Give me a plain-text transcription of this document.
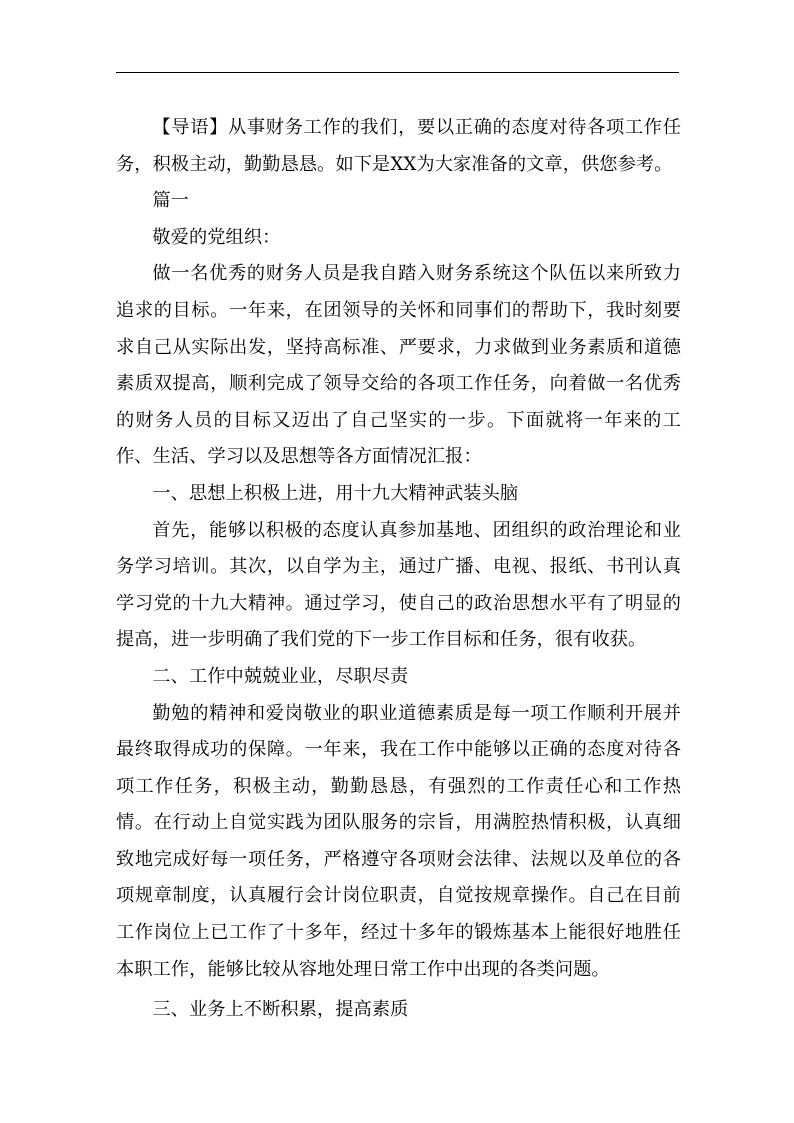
【导语】从事财务工作的我们，要以正确的态度对待各项工作任务，积极主动，勤勤恳恳。如下是XX为大家准备的文章，供您参考。

篇一

敬爱的党组织：

做一名优秀的财务人员是我自踏入财务系统这个队伍以来所致力追求的目标。一年来，在团领导的关怀和同事们的帮助下，我时刻要求自己从实际出发，坚持高标准、严要求，力求做到业务素质和道德素质双提高，顺利完成了领导交给的各项工作任务，向着做一名优秀的财务人员的目标又迈出了自己坚实的一步。下面就将一年来的工作、生活、学习以及思想等各方面情况汇报：

一、思想上积极上进，用十九大精神武装头脑

首先，能够以积极的态度认真参加基地、团组织的政治理论和业务学习培训。其次，以自学为主，通过广播、电视、报纸、书刊认真学习党的十九大精神。通过学习，使自己的政治思想水平有了明显的提高，进一步明确了我们党的下一步工作目标和任务，很有收获。

二、工作中兢兢业业，尽职尽责

勤勉的精神和爱岗敬业的职业道德素质是每一项工作顺利开展并最终取得成功的保障。一年来，我在工作中能够以正确的态度对待各项工作任务，积极主动，勤勤恳恳，有强烈的工作责任心和工作热情。在行动上自觉实践为团队服务的宗旨，用满腔热情积极，认真细致地完成好每一项任务，严格遵守各项财会法律、法规以及单位的各项规章制度，认真履行会计岗位职责，自觉按规章操作。自己在目前工作岗位上已工作了十多年，经过十多年的锻炼基本上能很好地胜任本职工作，能够比较从容地处理日常工作中出现的各类问题。

三、业务上不断积累，提高素质
